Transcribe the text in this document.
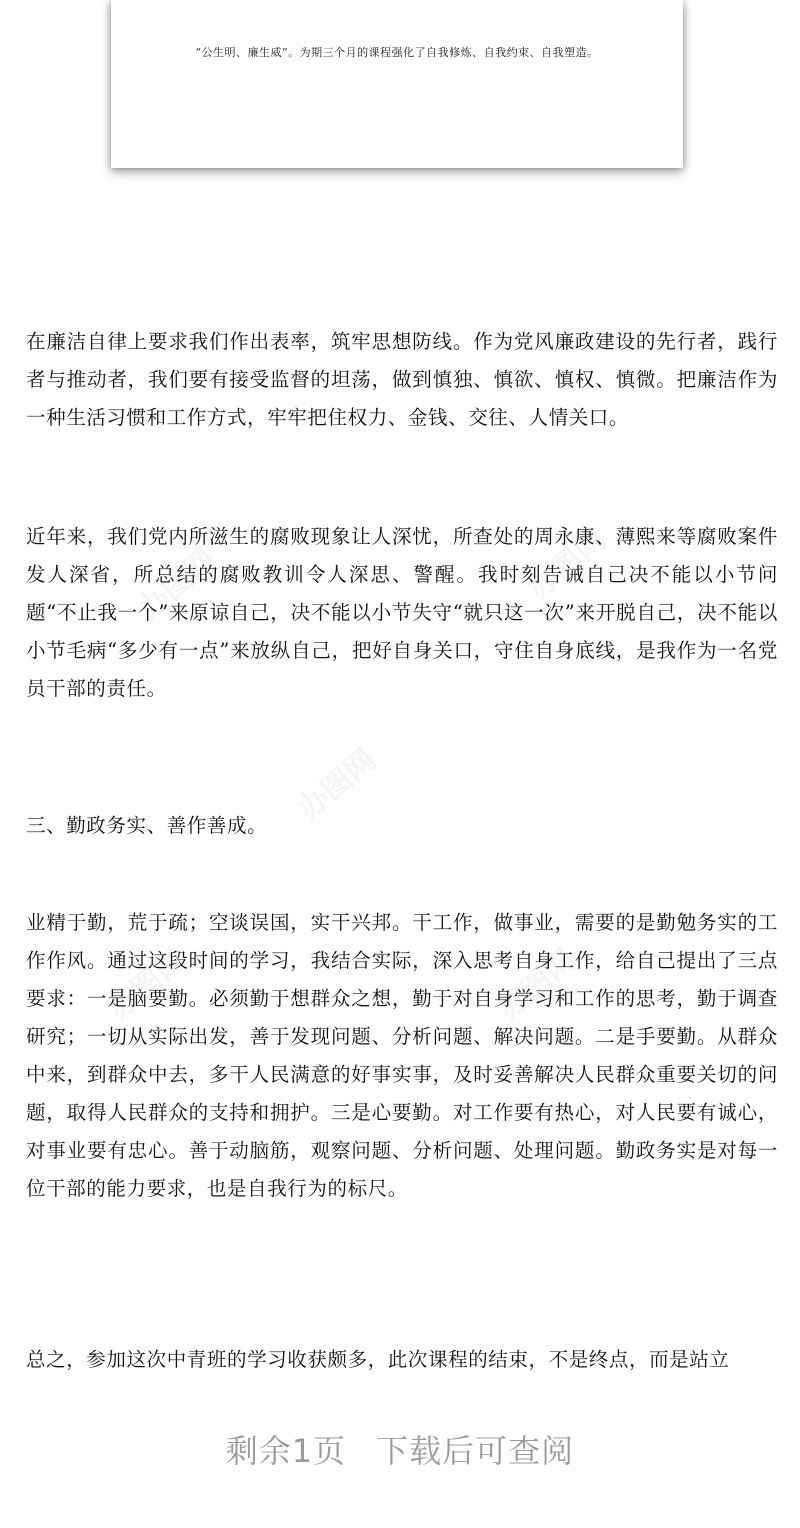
“公生明、廉生威”。为期三个月的课程强化了自我修炼、自我约束、自我塑造。
在廉洁自律上要求我们作出表率，筑牢思想防线。作为党风廉政建设的先行者，践行者与推动者，我们要有接受监督的坦荡，做到慎独、慎欲、慎权、慎微。把廉洁作为一种生活习惯和工作方式，牢牢把住权力、金钱、交往、人情关口。
近年来，我们党内所滋生的腐败现象让人深忧，所查处的周永康、薄熙来等腐败案件发人深省，所总结的腐败教训令人深思、警醒。我时刻告诫自己决不能以小节问题“不止我一个”来原谅自己，决不能以小节失守“就只这一次”来开脱自己，决不能以小节毛病“多少有一点”来放纵自己，把好自身关口，守住自身底线，是我作为一名党员干部的责任。
三、勤政务实、善作善成。
业精于勤，荒于疏；空谈误国，实干兴邦。干工作，做事业，需要的是勤勉务实的工作作风。通过这段时间的学习，我结合实际，深入思考自身工作，给自己提出了三点要求：一是脑要勤。必须勤于想群众之想，勤于对自身学习和工作的思考，勤于调查研究；一切从实际出发，善于发现问题、分析问题、解决问题。二是手要勤。从群众中来，到群众中去，多干人民满意的好事实事，及时妥善解决人民群众重要关切的问题，取得人民群众的支持和拥护。三是心要勤。对工作要有热心，对人民要有诚心，对事业要有忠心。善于动脑筋，观察问题、分析问题、处理问题。勤政务实是对每一位干部的能力要求，也是自我行为的标尺。
总之，参加这次中青班的学习收获颇多，此次课程的结束，不是终点，而是站立
剩余1页 下载后可查阅
